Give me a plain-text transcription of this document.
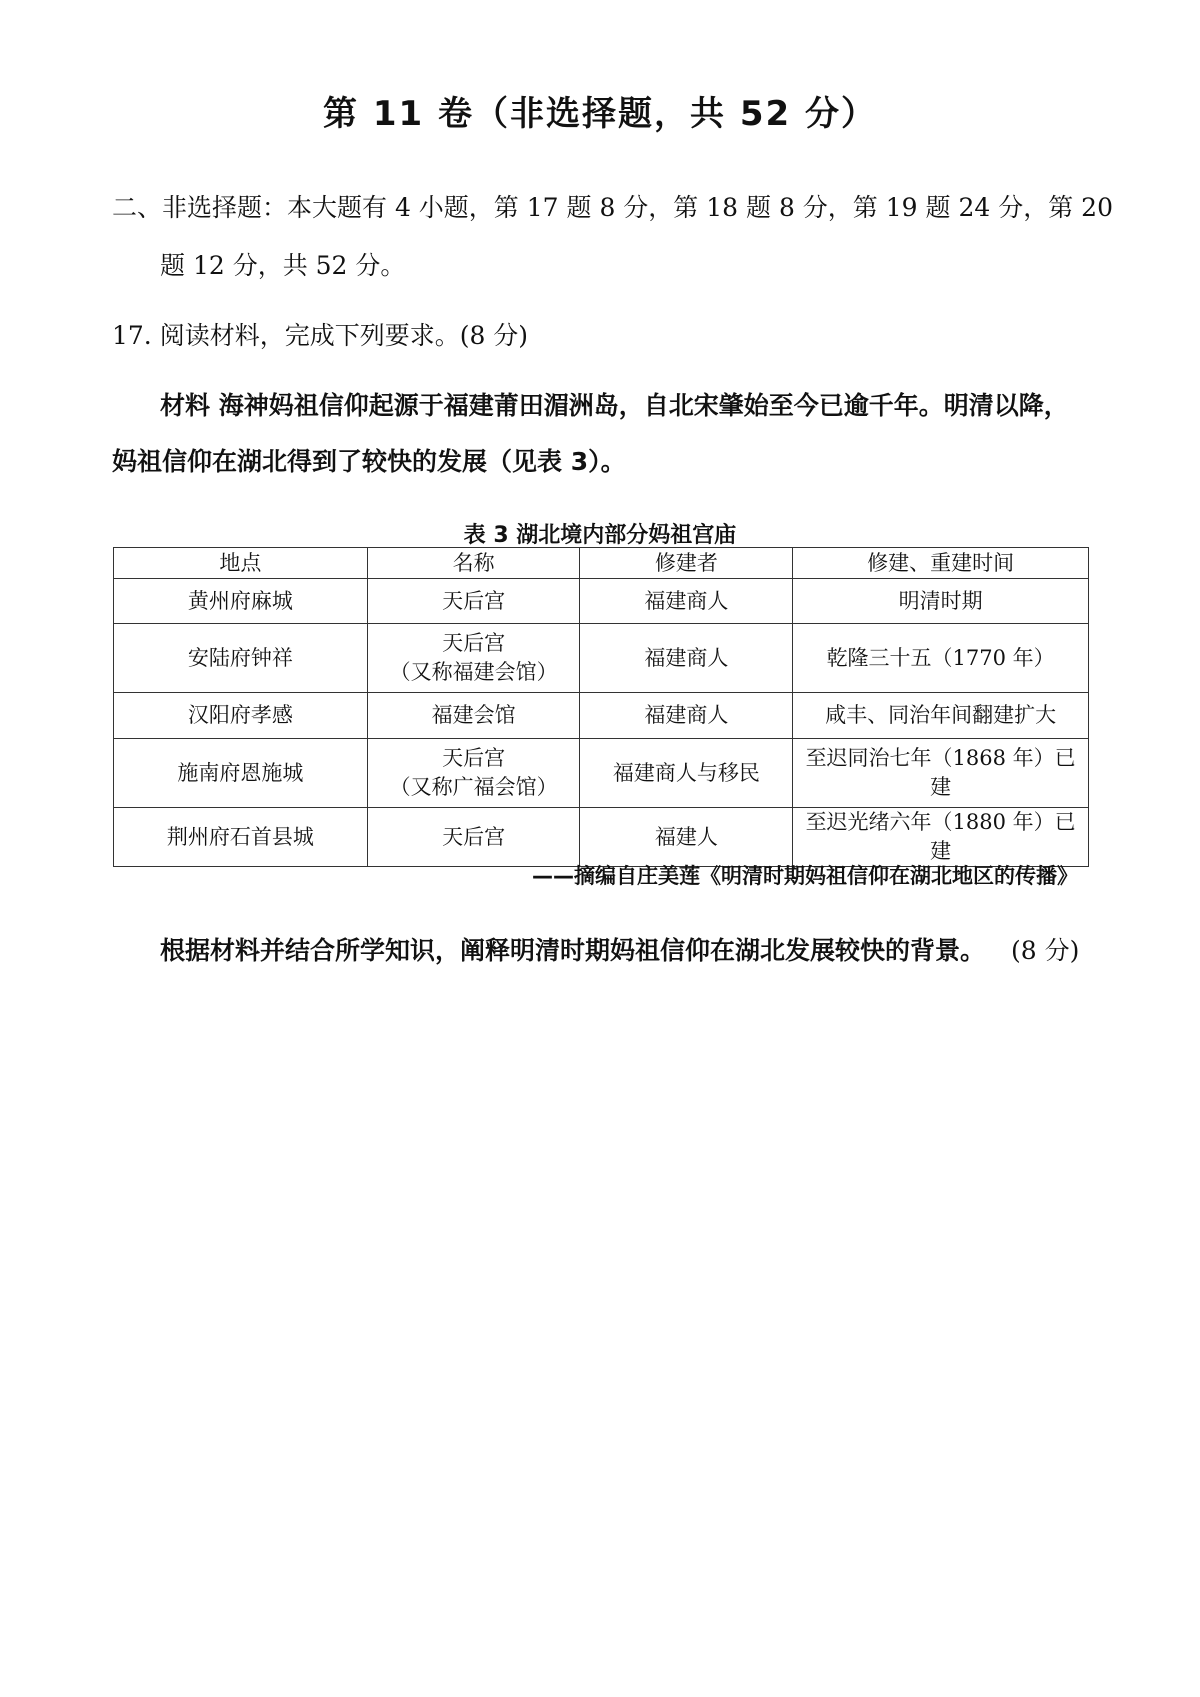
第 11 卷（非选择题，共 52 分）
二、非选择题：本大题有 4 小题，第 17 题 8 分，第 18 题 8 分，第 19 题 24 分，第 20
题 12 分，共 52 分。
17. 阅读材料，完成下列要求。(8 分)
材料 海神妈祖信仰起源于福建莆田湄洲岛，自北宋肇始至今已逾千年。明清以降，
妈祖信仰在湖北得到了较快的发展（见表 3）。
表 3 湖北境内部分妈祖宫庙
地点	名称	修建者	修建、重建时间
黄州府麻城	天后宫	福建商人	明清时期
安陆府钟祥	天后宫
（又称福建会馆）	福建商人	乾隆三十五（1770 年）
汉阳府孝感	福建会馆	福建商人	咸丰、同治年间翻建扩大
施南府恩施城	天后宫
（又称广福会馆）	福建商人与移民	至迟同治七年（1868 年）已建
荆州府石首县城	天后宫	福建人	至迟光绪六年（1880 年）已建
——摘编自庄美莲《明清时期妈祖信仰在湖北地区的传播》
根据材料并结合所学知识，阐释明清时期妈祖信仰在湖北发展较快的背景。 (8 分)
